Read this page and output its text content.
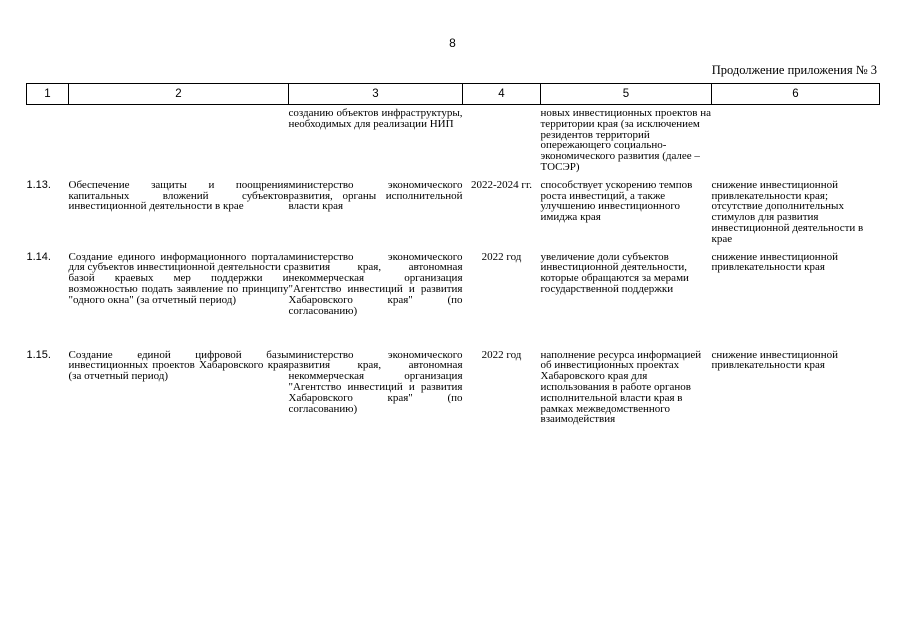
8
Продолжение приложения № 3
1	2	3	4	5	6
		созданию объектов инфраструктуры, необходимых для реализации НИП		новых инвестиционных проектов на территории края (за исключением резидентов территорий опережающего социально-экономического развития (далее – ТОСЭР)	
1.13.	Обеспечение защиты и поощрения капитальных вложений субъектов инвестиционной деятельности в крае	министерство экономического развития, органы исполнительной власти края	2022-2024 гг.	способствует ускорению темпов роста инвестиций, а также улучшению инвестиционного имиджа края	снижение инвестиционной привлекательности края; отсутствие дополнительных стимулов для развития инвестиционной деятельности в крае
1.14.	Создание единого информационного портала для субъектов инвестиционной деятельности с базой краевых мер поддержки и возможностью подать заявление по принципу "одного окна" (за отчетный период)	министерство экономического развития края, автономная некоммерческая организация "Агентство инвестиций и развития Хабаровского края" (по согласованию)	2022 год	увеличение доли субъектов инвестиционной деятельности, которые обращаются за мерами государственной поддержки	снижение инвестиционной привлекательности края
1.15.	Создание единой цифровой базы инвестиционных проектов Хабаровского края (за отчетный период)	министерство экономического развития края, автономная некоммерческая организация "Агентство инвестиций и развития Хабаровского края" (по согласованию)	2022 год	наполнение ресурса информацией об инвестиционных проектах Хабаровского края для использования в работе органов исполнительной власти края в рамках межведомственного взаимодействия	снижение инвестиционной привлекательности края
